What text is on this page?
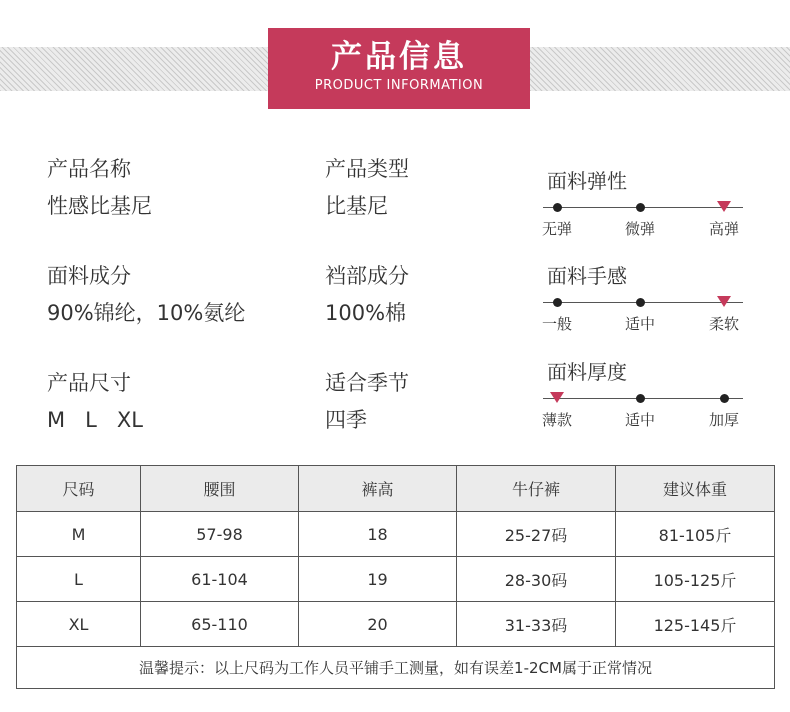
产品信息
PRODUCT INFORMATION
产品名称
性感比基尼
产品类型
比基尼
面料成分
90%锦纶，10%氨纶
裆部成分
100%棉
产品尺寸
M   L   XL
适合季节
四季
面料弹性
无弹	微弹	高弹
面料手感
一般	适中	柔软
面料厚度
薄款	适中	加厚
尺码	腰围	裤高	牛仔裤	建议体重
M	57-98	18	25-27码	81-105斤
L	61-104	19	28-30码	105-125斤
XL	65-110	20	31-33码	125-145斤
温馨提示：以上尺码为工作人员平铺手工测量，如有误差1-2CM属于正常情况				
